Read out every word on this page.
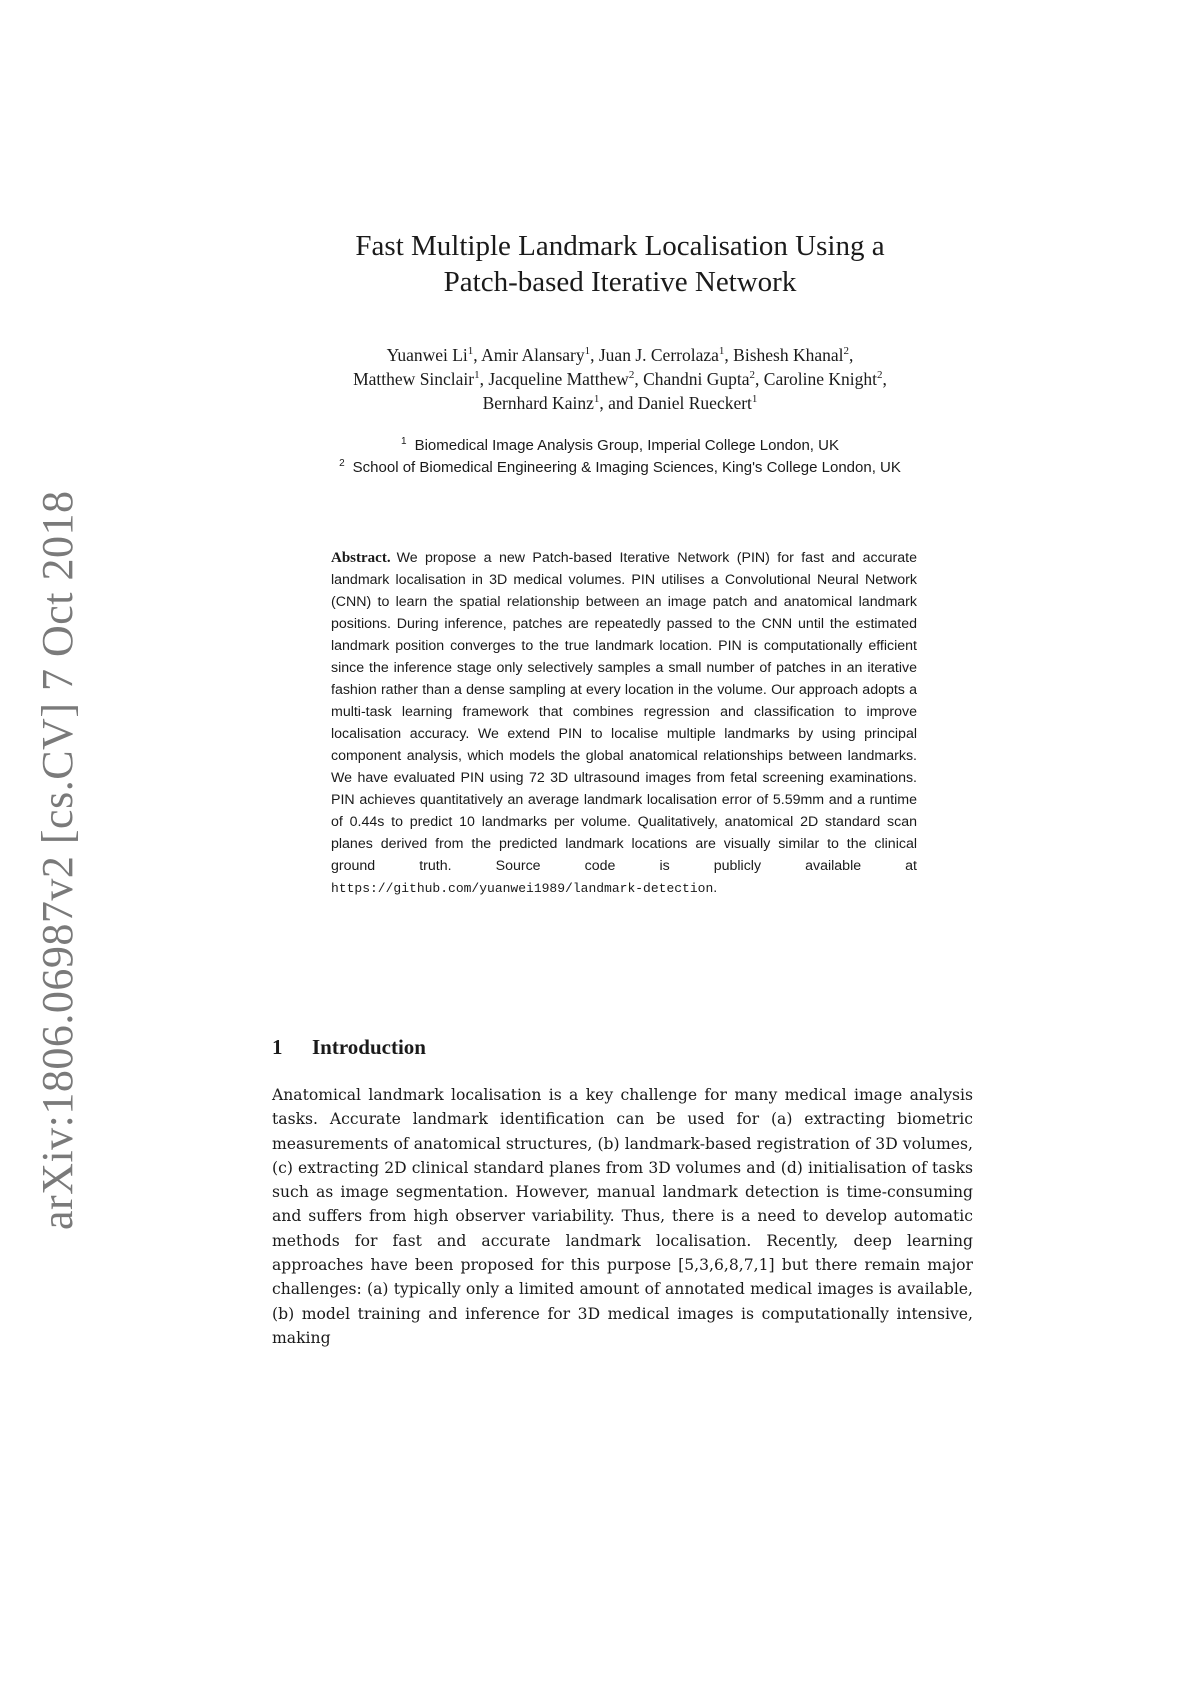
arXiv:1806.06987v2 [cs.CV] 7 Oct 2018
Fast Multiple Landmark Localisation Using a
Patch-based Iterative Network
Yuanwei Li$^1$, Amir Alansary$^1$, Juan J. Cerrolaza$^1$, Bishesh Khanal$^2$,
Matthew Sinclair$^1$, Jacqueline Matthew$^2$, Chandni Gupta$^2$, Caroline Knight$^2$,
Bernhard Kainz$^1$, and Daniel Rueckert$^1$
$^1$ Biomedical Image Analysis Group, Imperial College London, UK
$^2$ School of Biomedical Engineering & Imaging Sciences, King's College London, UK
Abstract. We propose a new Patch-based Iterative Network (PIN) for fast and accurate landmark localisation in 3D medical volumes. PIN utilises a Convolutional Neural Network (CNN) to learn the spatial relationship between an image patch and anatomical landmark positions. During inference, patches are repeatedly passed to the CNN until the estimated landmark position converges to the true landmark location. PIN is computationally efficient since the inference stage only selectively samples a small number of patches in an iterative fashion rather than a dense sampling at every location in the volume. Our approach adopts a multi-task learning framework that combines regression and classification to improve localisation accuracy. We extend PIN to localise multiple landmarks by using principal component analysis, which models the global anatomical relationships between landmarks. We have evaluated PIN using 72 3D ultrasound images from fetal screening examinations. PIN achieves quantitatively an average landmark localisation error of 5.59mm and a runtime of 0.44s to predict 10 landmarks per volume. Qualitatively, anatomical 2D standard scan planes derived from the predicted landmark locations are visually similar to the clinical ground truth. Source code is publicly available at https://github.com/yuanwei1989/landmark-detection.
1 Introduction

Anatomical landmark localisation is a key challenge for many medical image analysis tasks. Accurate landmark identification can be used for (a) extracting biometric measurements of anatomical structures, (b) landmark-based registration of 3D volumes, (c) extracting 2D clinical standard planes from 3D volumes and (d) initialisation of tasks such as image segmentation. However, manual landmark detection is time-consuming and suffers from high observer variability. Thus, there is a need to develop automatic methods for fast and accurate landmark localisation. Recently, deep learning approaches have been proposed for this purpose [5,3,6,8,7,1] but there remain major challenges: (a) typically only a limited amount of annotated medical images is available, (b) model training and inference for 3D medical images is computationally intensive, making
